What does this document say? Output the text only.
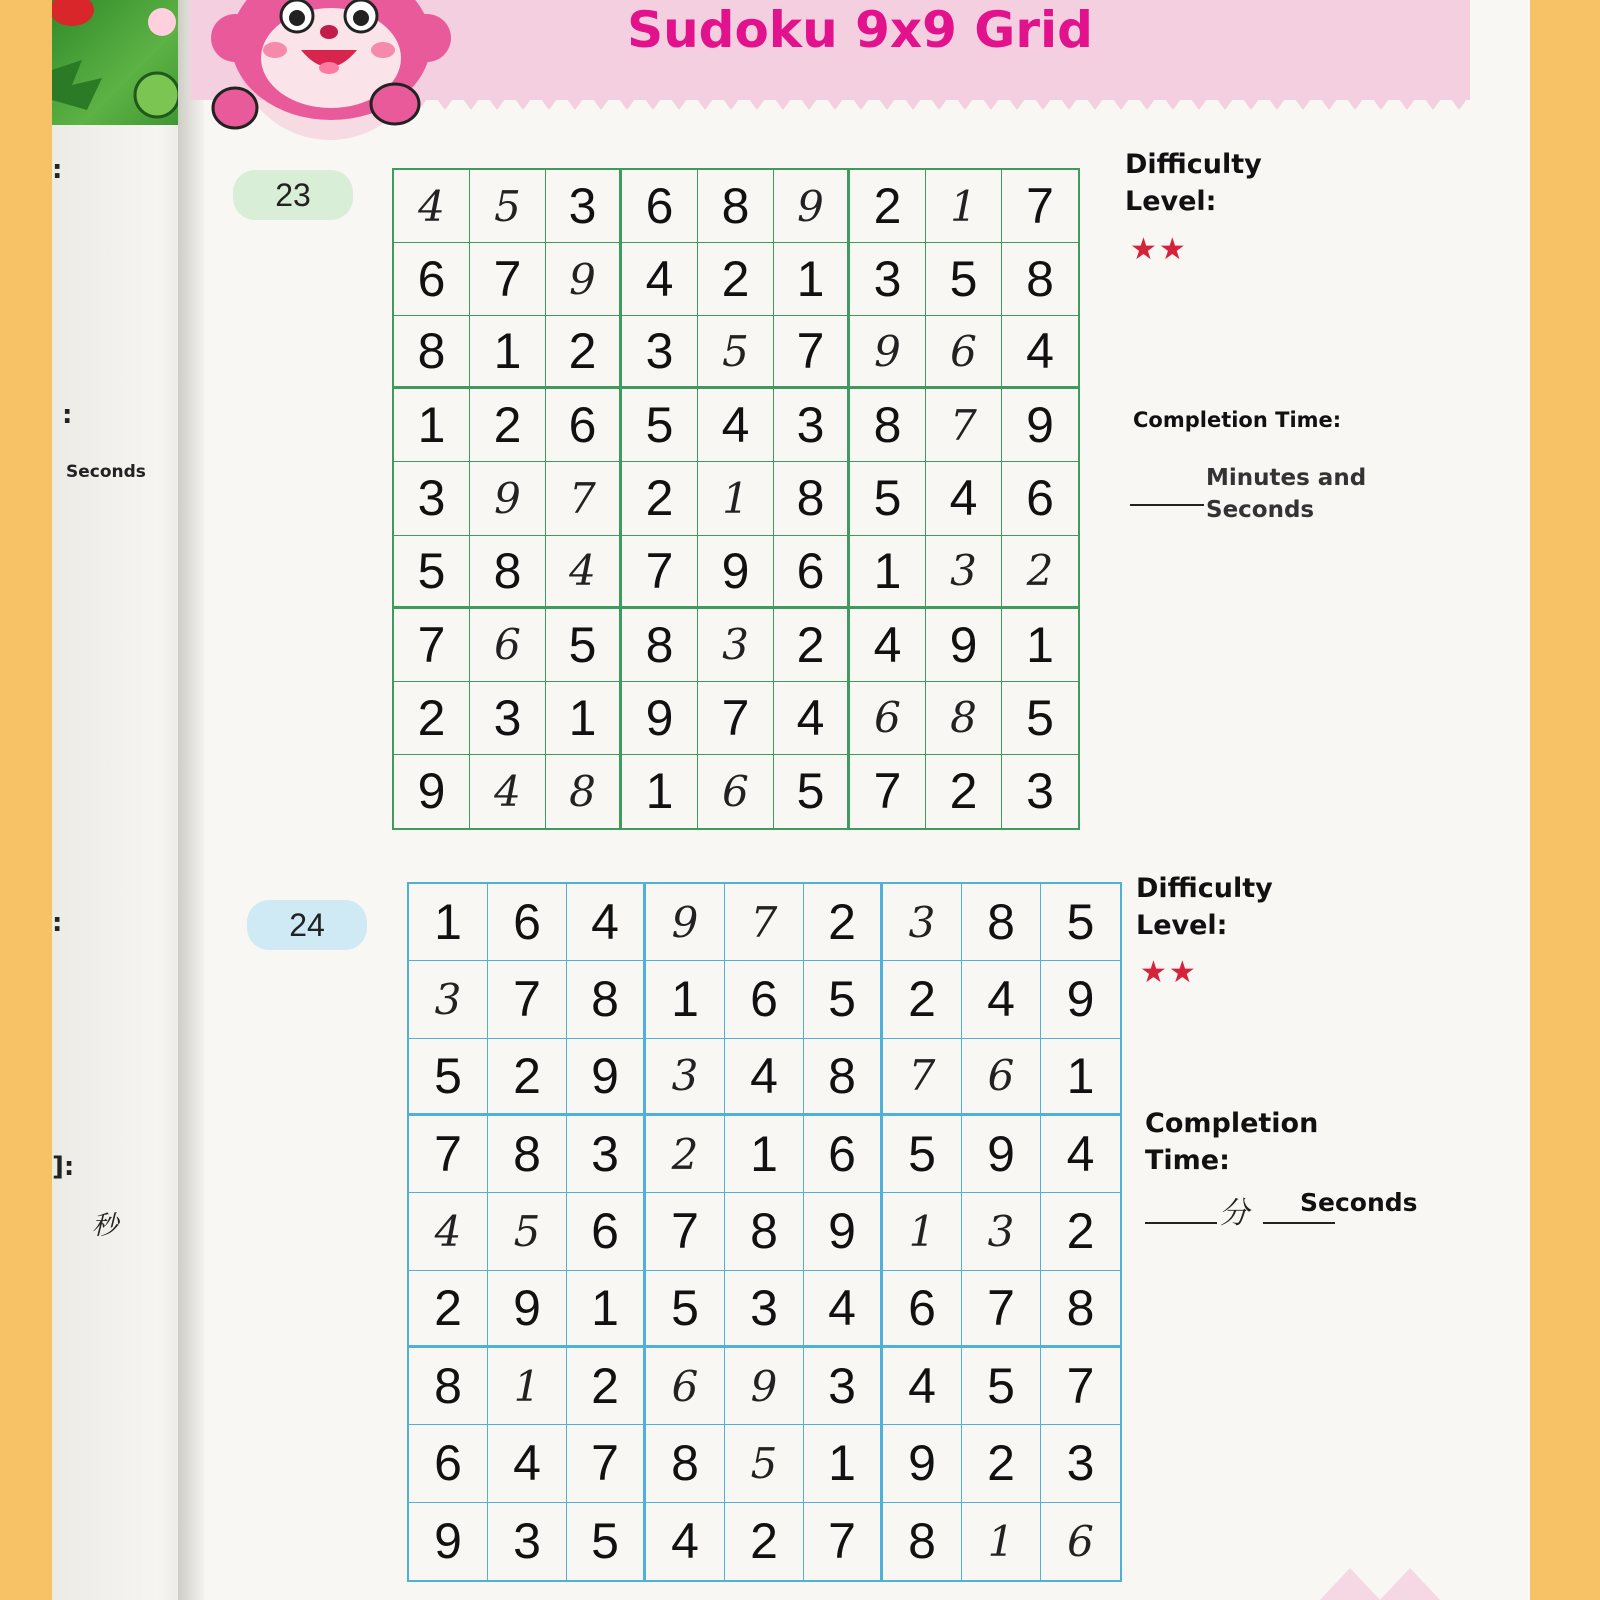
:
:
Seconds
:
]:
秒
Sudoku 9x9 Grid
23	4	5 3 6 8	9 2	1 7
6 7	9 4 2 1 3 5 8
8 1 2 3	5 7	9	6 4
1 2 6 5 4 3 8	7 9
3	9	7 2	1 8 5 4 6
5 8	4 7 9 6 1	3	2
7	6 5 8	3 2 4 9 1
2 3 1 9 7 4	6	8 5
9	4	8 1	6 5 7 2 3
Difficulty Level:
★★
Completion Time:
Minutes and Seconds
24	1	6	4	9	7	2	3	8	5
3	7	8	1	6	5	2	4	9
5	2	9	3	4	8	7	6	1
7	8	3	2	1	6	5	9	4
4	5	6	7	8	9	1	3	2
2	9	1	5	3	4	6	7	8
8	1	2	6	9	3	4	5	7
6	4	7	8	5	1	9	2	3
9	3	5	4	2	7	8	1	6
Difficulty Level:
★★
Completion Time:
分 Seconds
